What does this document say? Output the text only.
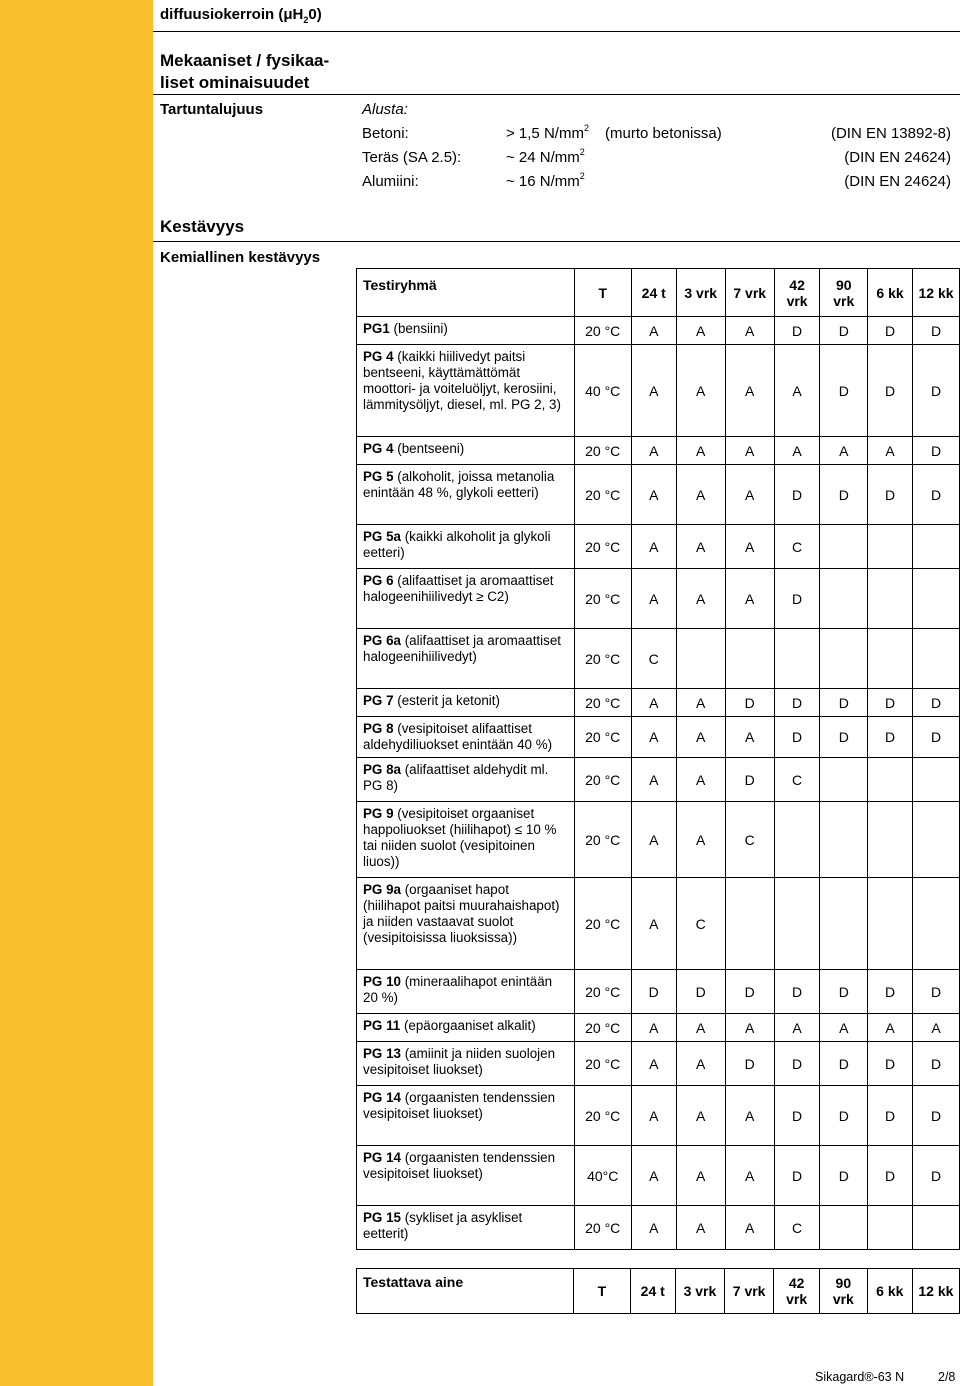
diffuusiokerroin $(\mu H_20)$
Mekaaniset / fysikaa-
liset ominaisuudet
Tartuntalujuus	Alusta:
Betoni:	> 1,5 $N/mm^2$ (murto betonissa)	(DIN EN 13892-8)
Teräs (SA 2.5):	~ 24 $N/mm^2$	(DIN EN 24624)
Alumiini:	~ 16 $N/mm^2$	(DIN EN 24624)
Kestävyys
Kemiallinen kestävyys
Testiryhmä	T	24 t	3 vrk	7 vrk	42 vrk	90 vrk	6 kk	12 kk
PG1 (bensiini)	20 °C	A	A	A	D	D	D	D
PG 4 (kaikki hiilivedyt paitsi bentseeni, käyttämättömät moottori- ja voiteluöljyt, kerosiini, lämmitysöljyt, diesel, ml. PG 2, 3)	40 °C	A	A	A	A	D	D	D
PG 4 (bentseeni)	20 °C	A	A	A	A	A	A	D
PG 5 (alkoholit, joissa metanolia enintään 48 %, glykoli eetteri)	20 °C	A	A	A	D	D	D	D
PG 5a (kaikki alkoholit ja glykoli eetteri)	20 °C	A	A	A	C			
PG 6 (alifaattiset ja aromaattiset halogeenihiilivedyt ≥ C2)	20 °C	A	A	A	D			
PG 6a (alifaattiset ja aromaattiset halogeenihiilivedyt)	20 °C	C						
PG 7 (esterit ja ketonit)	20 °C	A	A	D	D	D	D	D
PG 8 (vesipitoiset alifaattiset aldehydiliuokset enintään 40 %)	20 °C	A	A	A	D	D	D	D
PG 8a (alifaattiset aldehydit ml. PG 8)	20 °C	A	A	D	C			
PG 9 (vesipitoiset orgaaniset happoliuokset (hiilihapot) ≤ 10 % tai niiden suolot (vesipitoinen liuos))	20 °C	A	A	C				
PG 9a (orgaaniset hapot (hiilihapot paitsi muurahaishapot) ja niiden vastaavat suolot (vesipitoisissa liuoksissa))	20 °C	A	C					
PG 10 (mineraalihapot enintään 20 %)	20 °C	D	D	D	D	D	D	D
PG 11 (epäorgaaniset alkalit)	20 °C	A	A	A	A	A	A	A
PG 13 (amiinit ja niiden suolojen vesipitoiset liuokset)	20 °C	A	A	D	D	D	D	D
PG 14 (orgaanisten tendenssien vesipitoiset liuokset)	20 °C	A	A	A	D	D	D	D
PG 14 (orgaanisten tendenssien vesipitoiset liuokset)	40°C	A	A	A	D	D	D	D
PG 15 (sykliset ja asykliset eetterit)	20 °C	A	A	A	C			
Testattava aine	T	24 t	3 vrk	7 vrk	42 vrk	90 vrk	6 kk	12 kk
Sikagard®-63 N	2/8
